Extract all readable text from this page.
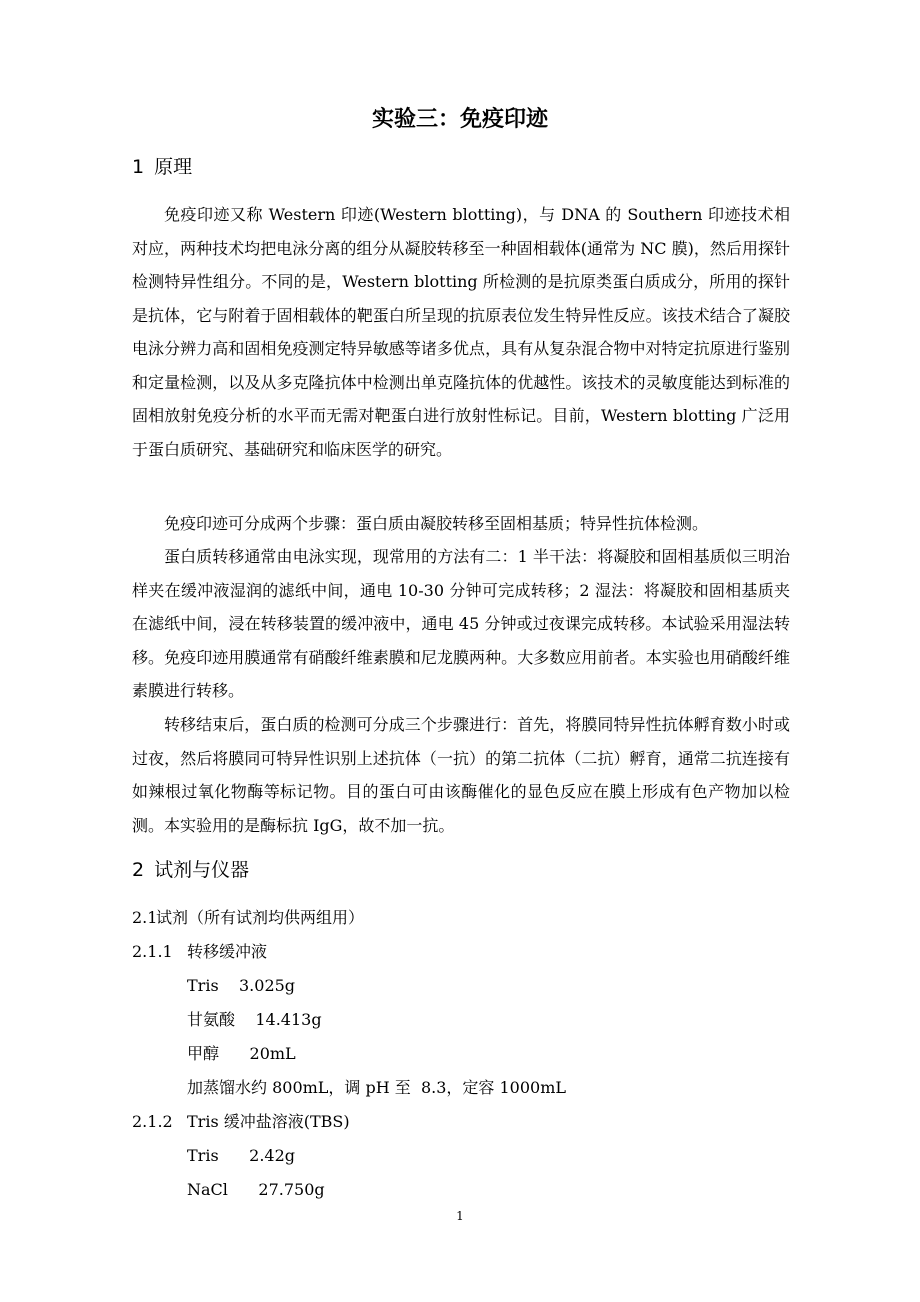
实验三：免疫印迹
1 原理
免疫印迹又称 Western 印迹(Western blotting)，与 DNA 的 Southern 印迹技术相对应，两种技术均把电泳分离的组分从凝胶转移至一种固相载体(通常为 NC 膜)，然后用探针检测特异性组分。不同的是，Western blotting 所检测的是抗原类蛋白质成分，所用的探针是抗体，它与附着于固相载体的靶蛋白所呈现的抗原表位发生特异性反应。该技术结合了凝胶电泳分辨力高和固相免疫测定特异敏感等诸多优点，具有从复杂混合物中对特定抗原进行鉴别和定量检测，以及从多克隆抗体中检测出单克隆抗体的优越性。该技术的灵敏度能达到标准的固相放射免疫分析的水平而无需对靶蛋白进行放射性标记。目前，Western blotting 广泛用于蛋白质研究、基础研究和临床医学的研究。
免疫印迹可分成两个步骤：蛋白质由凝胶转移至固相基质；特异性抗体检测。
蛋白质转移通常由电泳实现，现常用的方法有二：1 半干法：将凝胶和固相基质似三明治样夹在缓冲液湿润的滤纸中间，通电 10-30 分钟可完成转移；2 湿法：将凝胶和固相基质夹在滤纸中间，浸在转移装置的缓冲液中，通电 45 分钟或过夜课完成转移。本试验采用湿法转移。免疫印迹用膜通常有硝酸纤维素膜和尼龙膜两种。大多数应用前者。本实验也用硝酸纤维素膜进行转移。
转移结束后，蛋白质的检测可分成三个步骤进行：首先，将膜同特异性抗体孵育数小时或过夜，然后将膜同可特异性识别上述抗体（一抗）的第二抗体（二抗）孵育，通常二抗连接有如辣根过氧化物酶等标记物。目的蛋白可由该酶催化的显色反应在膜上形成有色产物加以检测。本实验用的是酶标抗 IgG，故不加一抗。
2 试剂与仪器
2.1试剂（所有试剂均供两组用）
2.1.1 转移缓冲液
Tris    3.025g
甘氨酸    14.413g
甲醇      20mL
加蒸馏水约 800mL，调 pH 至  8.3，定容 1000mL
2.1.2 Tris 缓冲盐溶液(TBS)
Tris      2.42g
NaCl      27.750g
1
